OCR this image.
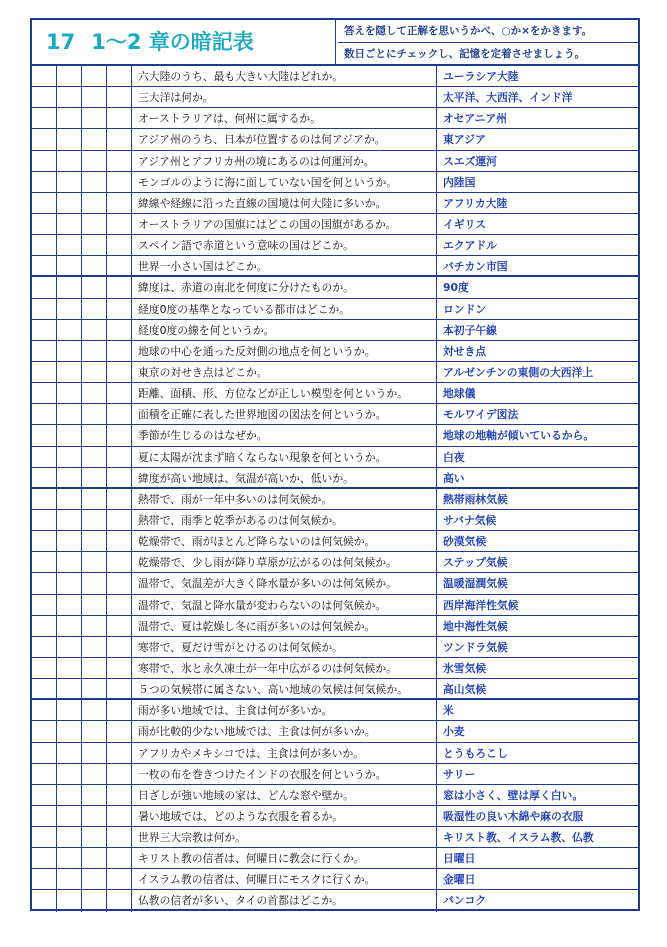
17 1～2 章の暗記表	答えを隠して正解を思いうかべ、○か×をかきます。
数日ごとにチェックし、記憶を定着させましょう。
六大陸のうち、最も大きい大陸はどれか。	ユーラシア大陸
三大洋は何か。	太平洋、大西洋、インド洋
オーストラリアは、何州に属するか。	オセアニア州
アジア州のうち、日本が位置するのは何アジアか。	東アジア
アジア州とアフリカ州の境にあるのは何運河か。	スエズ運河
モンゴルのように海に面していない国を何というか。	内陸国
緯線や経線に沿った直線の国境は何大陸に多いか。	アフリカ大陸
オーストラリアの国旗にはどこの国の国旗があるか。	イギリス
スペイン語で赤道という意味の国はどこか。	エクアドル
世界一小さい国はどこか。	バチカン市国
緯度は、赤道の南北を何度に分けたものか。	90度
経度0度の基準となっている都市はどこか。	ロンドン
経度0度の線を何というか。	本初子午線
地球の中心を通った反対側の地点を何というか。	対せき点
東京の対せき点はどこか。	アルゼンチンの東側の大西洋上
距離、面積、形、方位などが正しい模型を何というか。	地球儀
面積を正確に表した世界地図の図法を何というか。	モルワイデ図法
季節が生じるのはなぜか。	地球の地軸が傾いているから。
夏に太陽が沈まず暗くならない現象を何というか。	白夜
緯度が高い地域は、気温が高いか、低いか。	高い
熱帯で、雨が一年中多いのは何気候か。	熱帯雨林気候
熱帯で、雨季と乾季があるのは何気候か。	サバナ気候
乾燥帯で、雨がほとんど降らないのは何気候か。	砂漠気候
乾燥帯で、少し雨が降り草原が広がるのは何気候か。	ステップ気候
温帯で、気温差が大きく降水量が多いのは何気候か。	温暖湿潤気候
温帯で、気温と降水量が変わらないのは何気候か。	西岸海洋性気候
温帯で、夏は乾燥し冬に雨が多いのは何気候か。	地中海性気候
寒帯で、夏だけ雪がとけるのは何気候か。	ツンドラ気候
寒帯で、氷と永久凍土が一年中広がるのは何気候か。	氷雪気候
５つの気候帯に属さない、高い地域の気候は何気候か。	高山気候
雨が多い地域では、主食は何が多いか。	米
雨が比較的少ない地域では、主食は何が多いか。	小麦
アフリカやメキシコでは、主食は何が多いか。	とうもろこし
一枚の布を巻きつけたインドの衣服を何というか。	サリー
日ざしが強い地域の家は、どんな窓や壁か。	窓は小さく、壁は厚く白い。
暑い地域では、どのような衣服を着るか。	吸湿性の良い木綿や麻の衣服
世界三大宗教は何か。	キリスト教、イスラム教、仏教
キリスト教の信者は、何曜日に教会に行くか。	日曜日
イスラム教の信者は、何曜日にモスクに行くか。	金曜日
仏教の信者が多い、タイの首都はどこか。	バンコク
